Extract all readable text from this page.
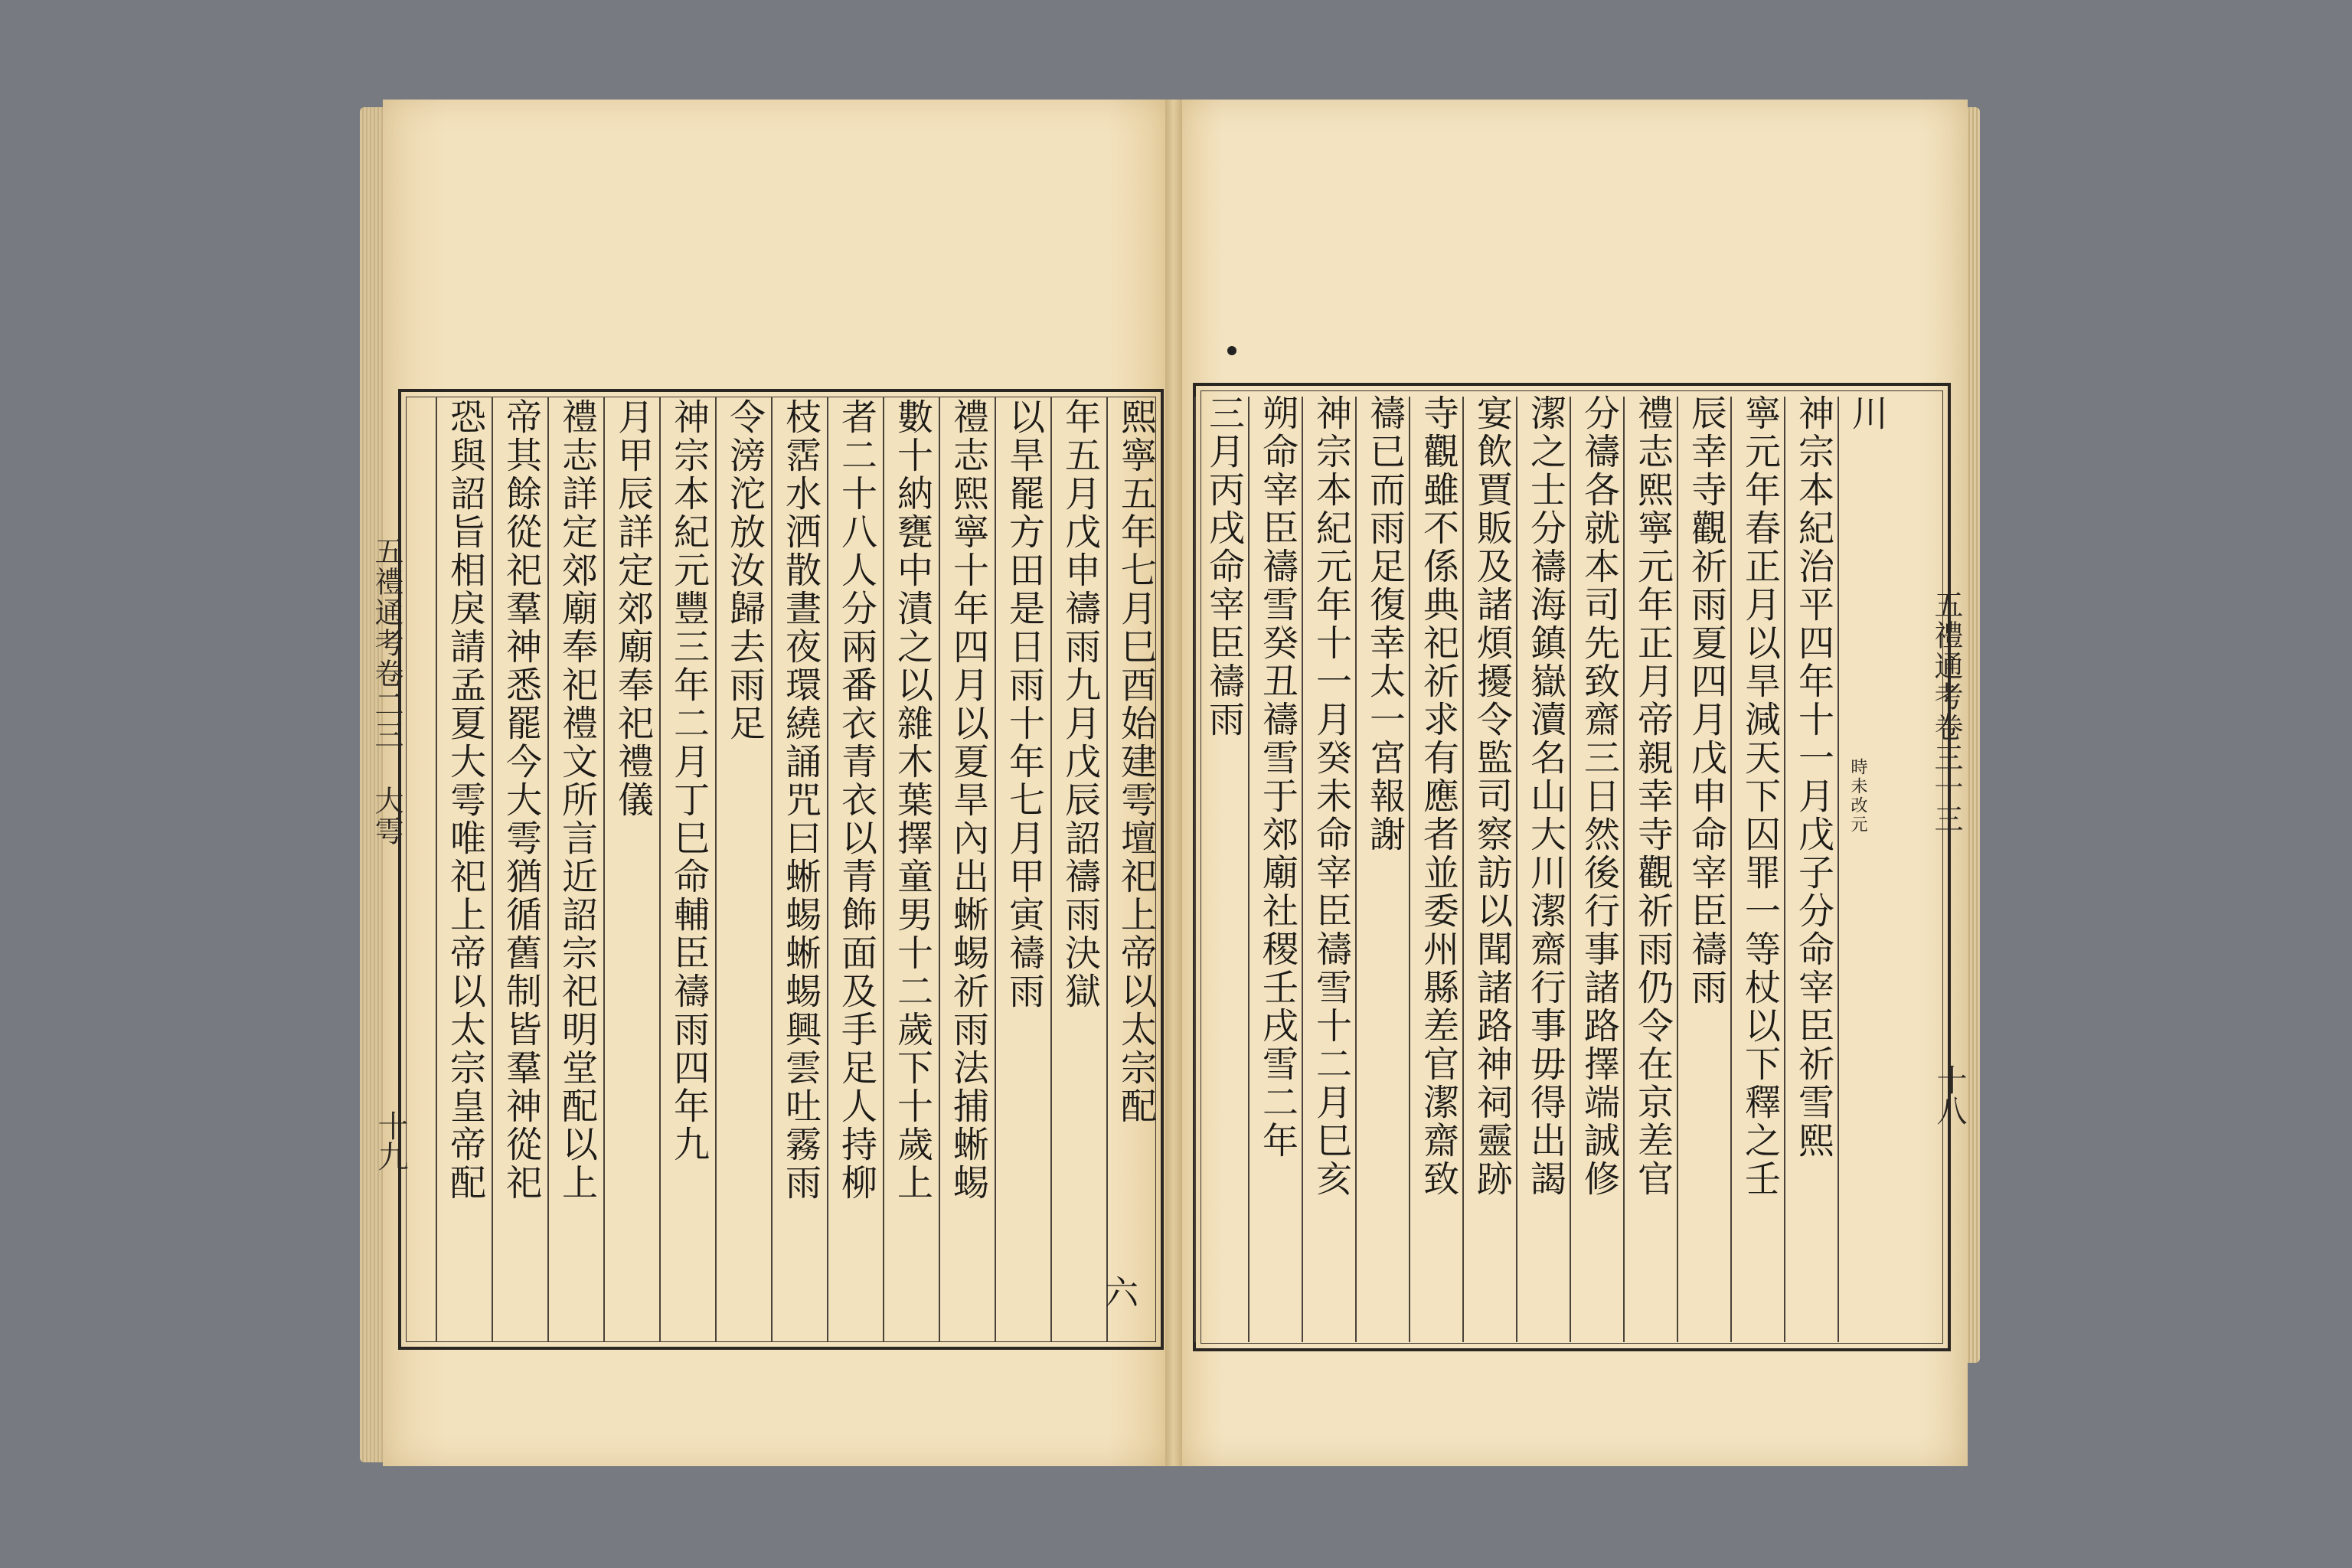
熙寧五年七月巳酉始建雩壇祀上帝以太宗配
年五月戊申禱雨九月戊辰詔禱雨決獄
以旱罷方田是日雨十年七月甲寅禱雨
禮志熙寧十年四月以夏旱內出蜥蜴祈雨法捕蜥蜴
數十納甕中漬之以雜木葉擇童男十二歲下十歲上
者二十八人分兩番衣青衣以青飾面及手足人持柳
枝霑水洒散晝夜環繞誦咒曰蜥蜴蜥蜴興雲吐霧雨
令滂沱放汝歸去雨足
神宗本紀元豐三年二月丁巳命輔臣禱雨四年九
月甲辰詳定郊廟奉祀禮儀
禮志詳定郊廟奉祀禮文所言近詔宗祀明堂配以上
帝其餘從祀羣神悉罷今大雩猶循舊制皆羣神從祀
恐與詔旨相戾請孟夏大雩唯祀上帝以太宗皇帝配
五禮通考卷二三 大雩
十九
六
川
神宗本紀治平四年十一月戊子分命宰臣祈雪熙
寧元年春正月以旱減天下囚罪一等杖以下釋之壬
辰幸寺觀祈雨夏四月戊申命宰臣禱雨
禮志熙寧元年正月帝親幸寺觀祈雨仍令在京差官
分禱各就本司先致齋三日然後行事諸路擇端誠修
潔之士分禱海鎮嶽瀆名山大川潔齋行事毋得出謁
宴飲賈販及諸煩擾令監司察訪以聞諸路神祠靈跡
寺觀雖不係典祀祈求有應者並委州縣差官潔齋致
禱已而雨足復幸太一宮報謝
神宗本紀元年十一月癸未命宰臣禱雪十二月巳亥
朔命宰臣禱雪癸丑禱雪于郊廟社稷壬戌雪二年
三月丙戌命宰臣禱雨	五禮通考卷三十三
十八
時未改元
